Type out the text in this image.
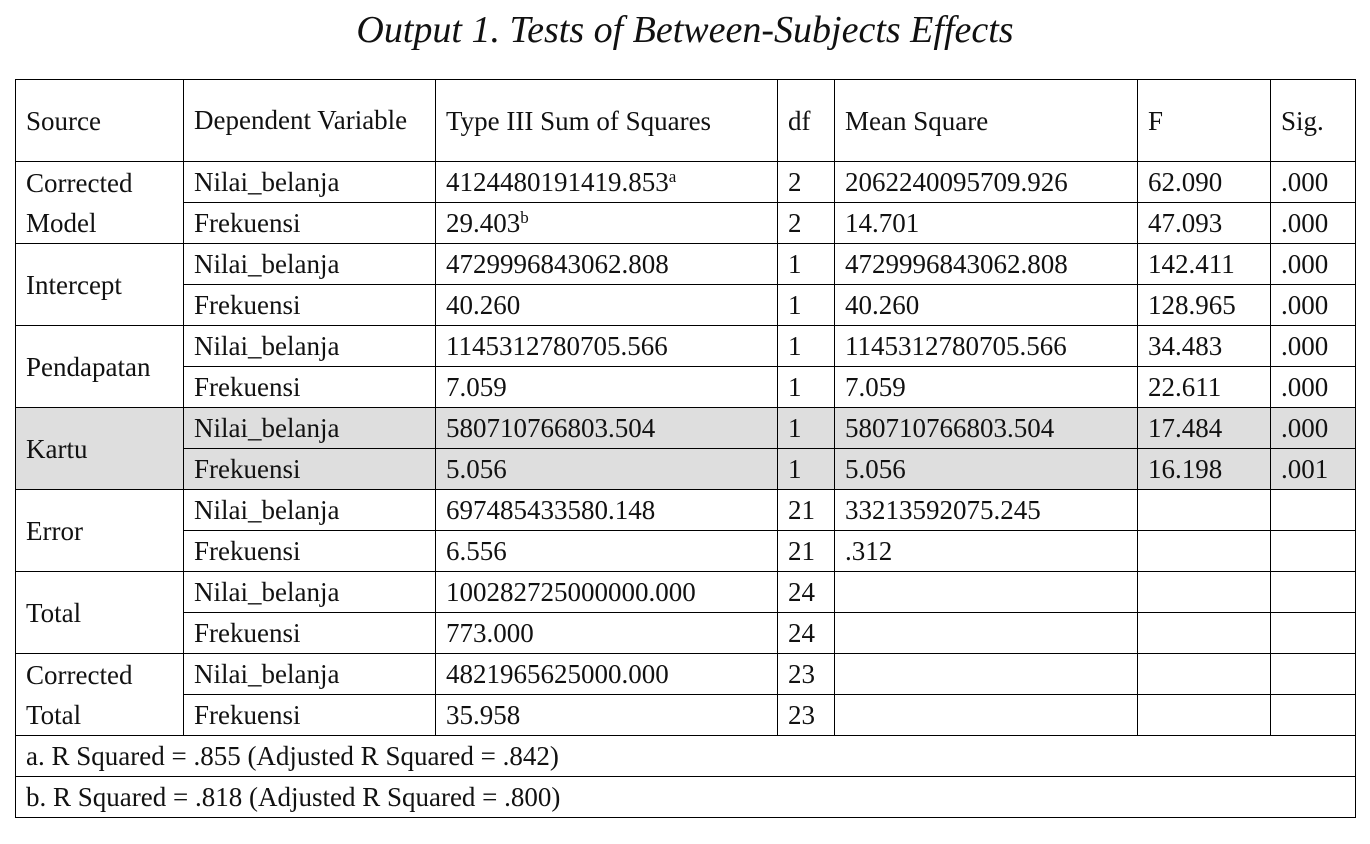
Output 1. Tests of Between-Subjects Effects
Source	Dependent Variable	Type III Sum of Squares	df	Mean Square	F	Sig.
Corrected Model	Nilai_belanja	4124480191419.853$^a$	2	2062240095709.926	62.090	.000
	Frekuensi	29.403$^b$	2	14.701	47.093	.000
Intercept	Nilai_belanja	4729996843062.808	1	4729996843062.808	142.411	.000
	Frekuensi	40.260	1	40.260	128.965	.000
Pendapatan	Nilai_belanja	1145312780705.566	1	1145312780705.566	34.483	.000
	Frekuensi	7.059	1	7.059	22.611	.000
Kartu	Nilai_belanja	580710766803.504	1	580710766803.504	17.484	.000
	Frekuensi	5.056	1	5.056	16.198	.001
Error	Nilai_belanja	697485433580.148	21	33213592075.245		
	Frekuensi	6.556	21	.312		
Total	Nilai_belanja	100282725000000.000	24			
	Frekuensi	773.000	24			
Corrected Total	Nilai_belanja	4821965625000.000	23			
	Frekuensi	35.958	23			
a. R Squared = .855 (Adjusted R Squared = .842)						
b. R Squared = .818 (Adjusted R Squared = .800)						
